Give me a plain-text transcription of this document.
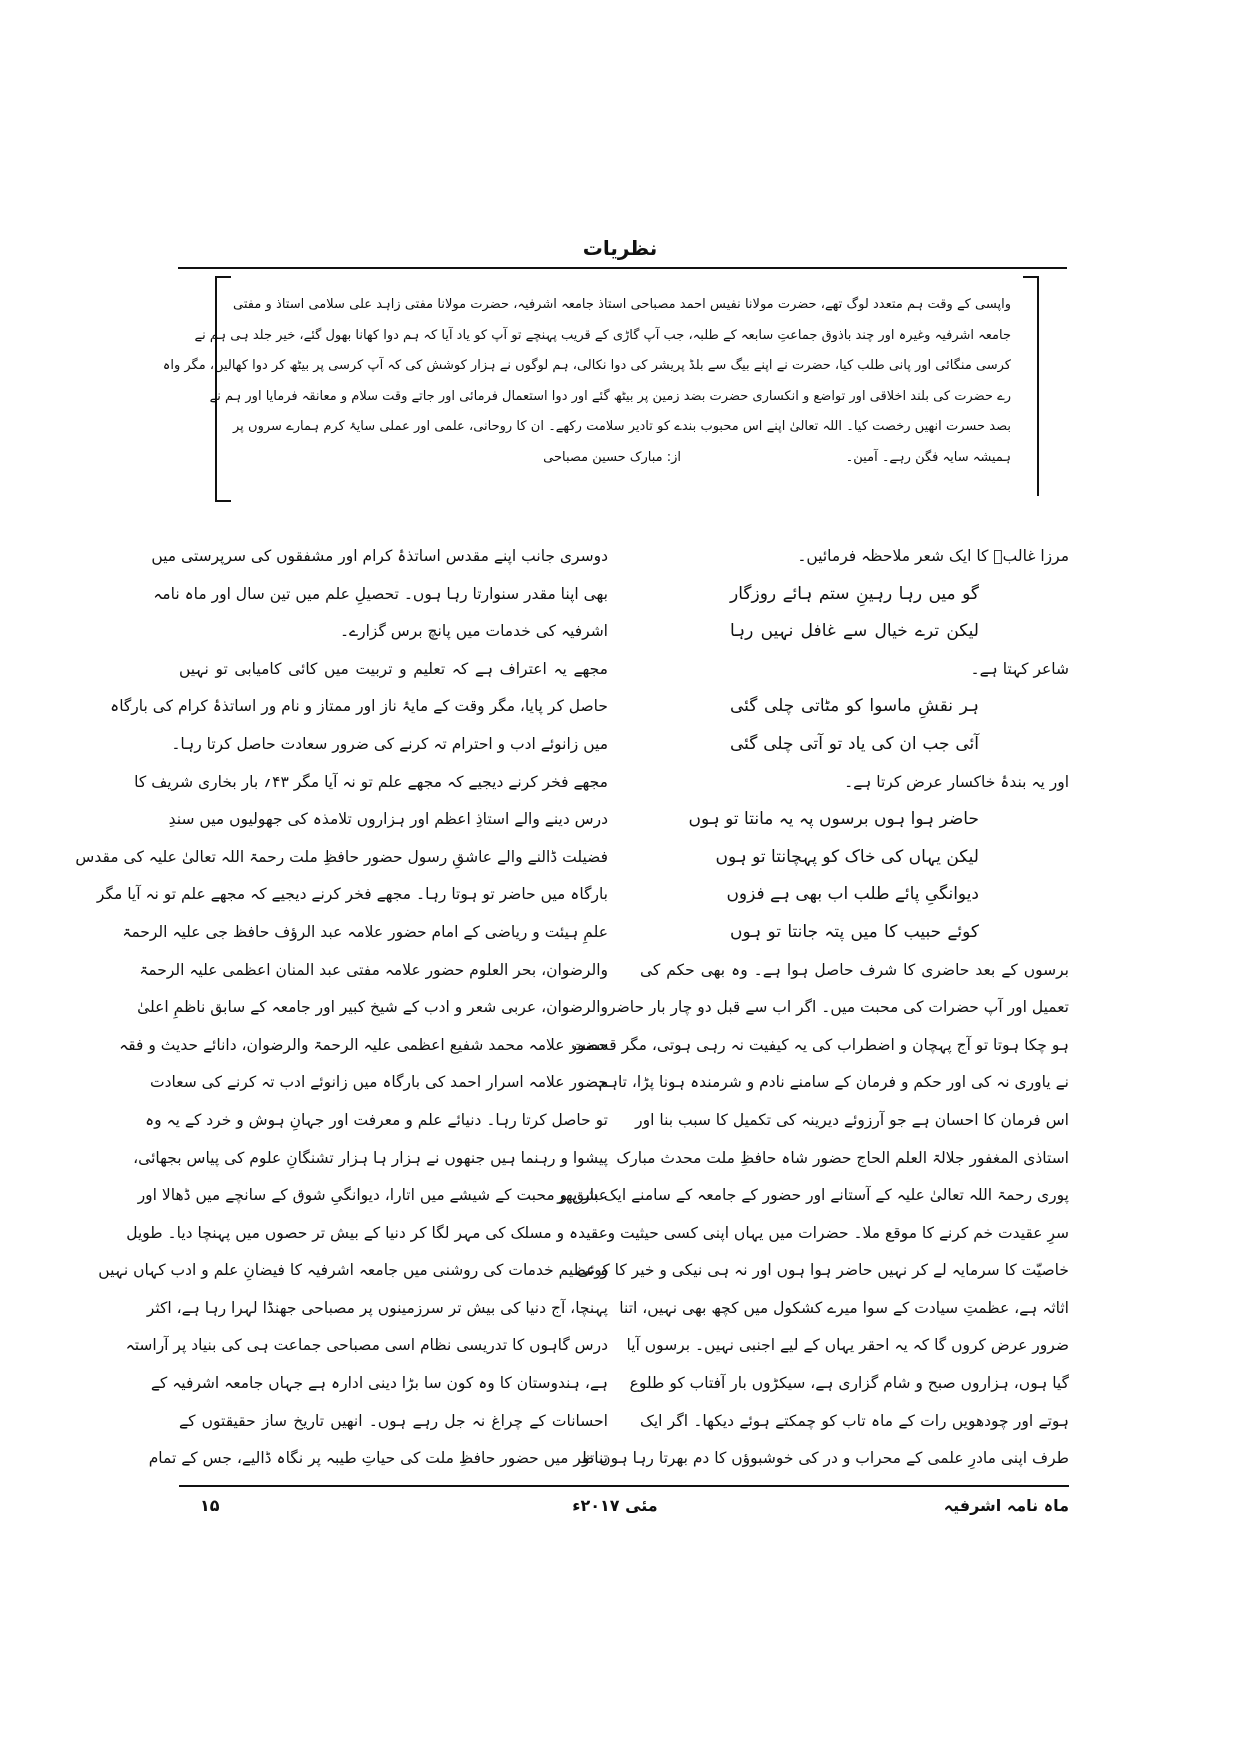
نظریات
واپسی کے وقت ہم متعدد لوگ تھے، حضرت مولانا نفیس احمد مصباحی استاذ جامعہ اشرفیہ، حضرت مولانا مفتی زاہد علی سلامی استاذ و مفتی
جامعہ اشرفیہ وغیرہ اور چند باذوق جماعتِ سابعہ کے طلبہ، جب آپ گاڑی کے قریب پہنچے تو آپ کو یاد آیا کہ ہم دوا کھانا بھول گئے، خیر جلد ہی ہم نے
کرسی منگائی اور پانی طلب کیا، حضرت نے اپنے بیگ سے بلڈ پریشر کی دوا نکالی، ہم لوگوں نے ہزار کوشش کی کہ آپ کرسی پر بیٹھ کر دوا کھالیں، مگر واہ
رے حضرت کی بلند اخلاقی اور تواضع و انکساری حضرت بضد زمین پر بیٹھ گئے اور دوا استعمال فرمائی اور جاتے وقت سلام و معانقہ فرمایا اور ہم نے
بصد حسرت انھیں رخصت کیا۔ اللہ تعالیٰ اپنے اس محبوب بندے کو تادیر سلامت رکھے۔ ان کا روحانی، علمی اور عملی سایۂ کرم ہمارے سروں پر
ہمیشہ سایہ فگن رہے۔ آمین۔
از: مبارک حسین مصباحی
مرزا غالبؔ کا ایک شعر ملاحظہ فرمائیں۔
گو میں رہا رہینِ ستم ہائے روزگار
لیکن ترے خیال سے غافل نہیں رہا
شاعر کہتا ہے۔
ہر نقشِ ماسوا کو مٹاتی چلی گئی
آئی جب ان کی یاد تو آتی چلی گئی
اور یہ بندۂ خاکسار عرض کرتا ہے۔
حاضر ہوا ہوں برسوں پہ یہ مانتا تو ہوں
لیکن یہاں کی خاک کو پہچانتا تو ہوں
دیوانگیِ پائے طلب اب بھی ہے فزوں
کوئے حبیب کا میں پتہ جانتا تو ہوں
برسوں کے بعد حاضری کا شرف حاصل ہوا ہے۔ وہ بھی حکم کی
تعمیل اور آپ حضرات کی محبت میں۔ اگر اب سے قبل دو چار بار حاضر
ہو چکا ہوتا تو آج پہچان و اضطراب کی یہ کیفیت نہ رہی ہوتی، مگر قسمت
نے یاوری نہ کی اور حکم و فرمان کے سامنے نادم و شرمندہ ہونا پڑا، تاہم
اس فرمان کا احسان ہے جو آرزوئے دیرینہ کی تکمیل کا سبب بنا اور
استاذی المغفور جلالۃ العلم الحاج حضور شاہ حافظِ ملت محدث مبارک
پوری رحمۃ اللہ تعالیٰ علیہ کے آستانے اور حضور کے جامعہ کے سامنے ایک بار پھر
سرِ عقیدت خم کرنے کا موقع ملا۔ حضرات میں یہاں اپنی کسی حیثیت و
خاصیّت کا سرمایہ لے کر نہیں حاضر ہوا ہوں اور نہ ہی نیکی و خیر کا کوئی
اثاثہ ہے، عظمتِ سیادت کے سوا میرے کشکول میں کچھ بھی نہیں، اتنا
ضرور عرض کروں گا کہ یہ احقر یہاں کے لیے اجنبی نہیں۔ برسوں آیا
گیا ہوں، ہزاروں صبح و شام گزاری ہے، سیکڑوں بار آفتاب کو طلوع
ہوتے اور چودھویں رات کے ماہ تاب کو چمکتے ہوئے دیکھا۔ اگر ایک
طرف اپنی مادرِ علمی کے محراب و در کی خوشبوؤں کا دم بھرتا رہا ہوں تو
دوسری جانب اپنے مقدس اساتذۂ کرام اور مشفقوں کی سرپرستی میں
بھی اپنا مقدر سنوارتا رہا ہوں۔ تحصیلِ علم میں تین سال اور ماہ نامہ
اشرفیہ کی خدمات میں پانچ برس گزارے۔
مجھے یہ اعتراف ہے کہ تعلیم و تربیت میں کائی کامیابی تو نہیں
حاصل کر پایا، مگر وقت کے مایۂ ناز اور ممتاز و نام ور اساتذۂ کرام کی بارگاہ
میں زانوئے ادب و احترام تہ کرنے کی ضرور سعادت حاصل کرتا رہا۔
مجھے فخر کرنے دیجیے کہ مجھے علم تو نہ آیا مگر ۴۳؍ بار بخاری شریف کا
درس دینے والے استاذِ اعظم اور ہزاروں تلامذہ کی جھولیوں میں سندِ
فضیلت ڈالنے والے عاشقِ رسول حضور حافظِ ملت رحمۃ اللہ تعالیٰ علیہ کی مقدس
بارگاہ میں حاضر تو ہوتا رہا۔ مجھے فخر کرنے دیجیے کہ مجھے علم تو نہ آیا مگر
علمِ ہیئت و ریاضی کے امام حضور علامہ عبد الرؤف حافظ جی علیہ الرحمۃ
والرضوان، بحر العلوم حضور علامہ مفتی عبد المنان اعظمی علیہ الرحمۃ
والرضوان، عربی شعر و ادب کے شیخ کبیر اور جامعہ کے سابق ناظمِ اعلیٰ
حضور علامہ محمد شفیع اعظمی علیہ الرحمۃ والرضوان، دانائے حدیث و فقہ
حضور علامہ اسرار احمد کی بارگاہ میں زانوئے ادب تہ کرنے کی سعادت
تو حاصل کرتا رہا۔ دنیائے علم و معرفت اور جہانِ ہوش و خرد کے یہ وہ
پیشوا و رہنما ہیں جنھوں نے ہزار ہا ہزار تشنگانِ علوم کی پیاس بجھائی،
عشق و محبت کے شیشے میں اتارا، دیوانگیِ شوق کے سانچے میں ڈھالا اور
عقیدہ و مسلک کی مہر لگا کر دنیا کے بیش تر حصوں میں پہنچا دیا۔ طویل
و عظیم خدمات کی روشنی میں جامعہ اشرفیہ کا فیضانِ علم و ادب کہاں نہیں
پہنچا، آج دنیا کی بیش تر سرزمینوں پر مصباحی جھنڈا لہرا رہا ہے، اکثر
درس گاہوں کا تدریسی نظام اسی مصباحی جماعت ہی کی بنیاد پر آراستہ
ہے، ہندوستان کا وہ کون سا بڑا دینی ادارہ ہے جہاں جامعہ اشرفیہ کے
احسانات کے چراغ نہ جل رہے ہوں۔ انھیں تاریخ ساز حقیقتوں کے
تناظر میں حضور حافظِ ملت کی حیاتِ طیبہ پر نگاہ ڈالیے، جس کے تمام
ماہ نامہ اشرفیہ
مئی ۲۰۱۷ء
۱۵
